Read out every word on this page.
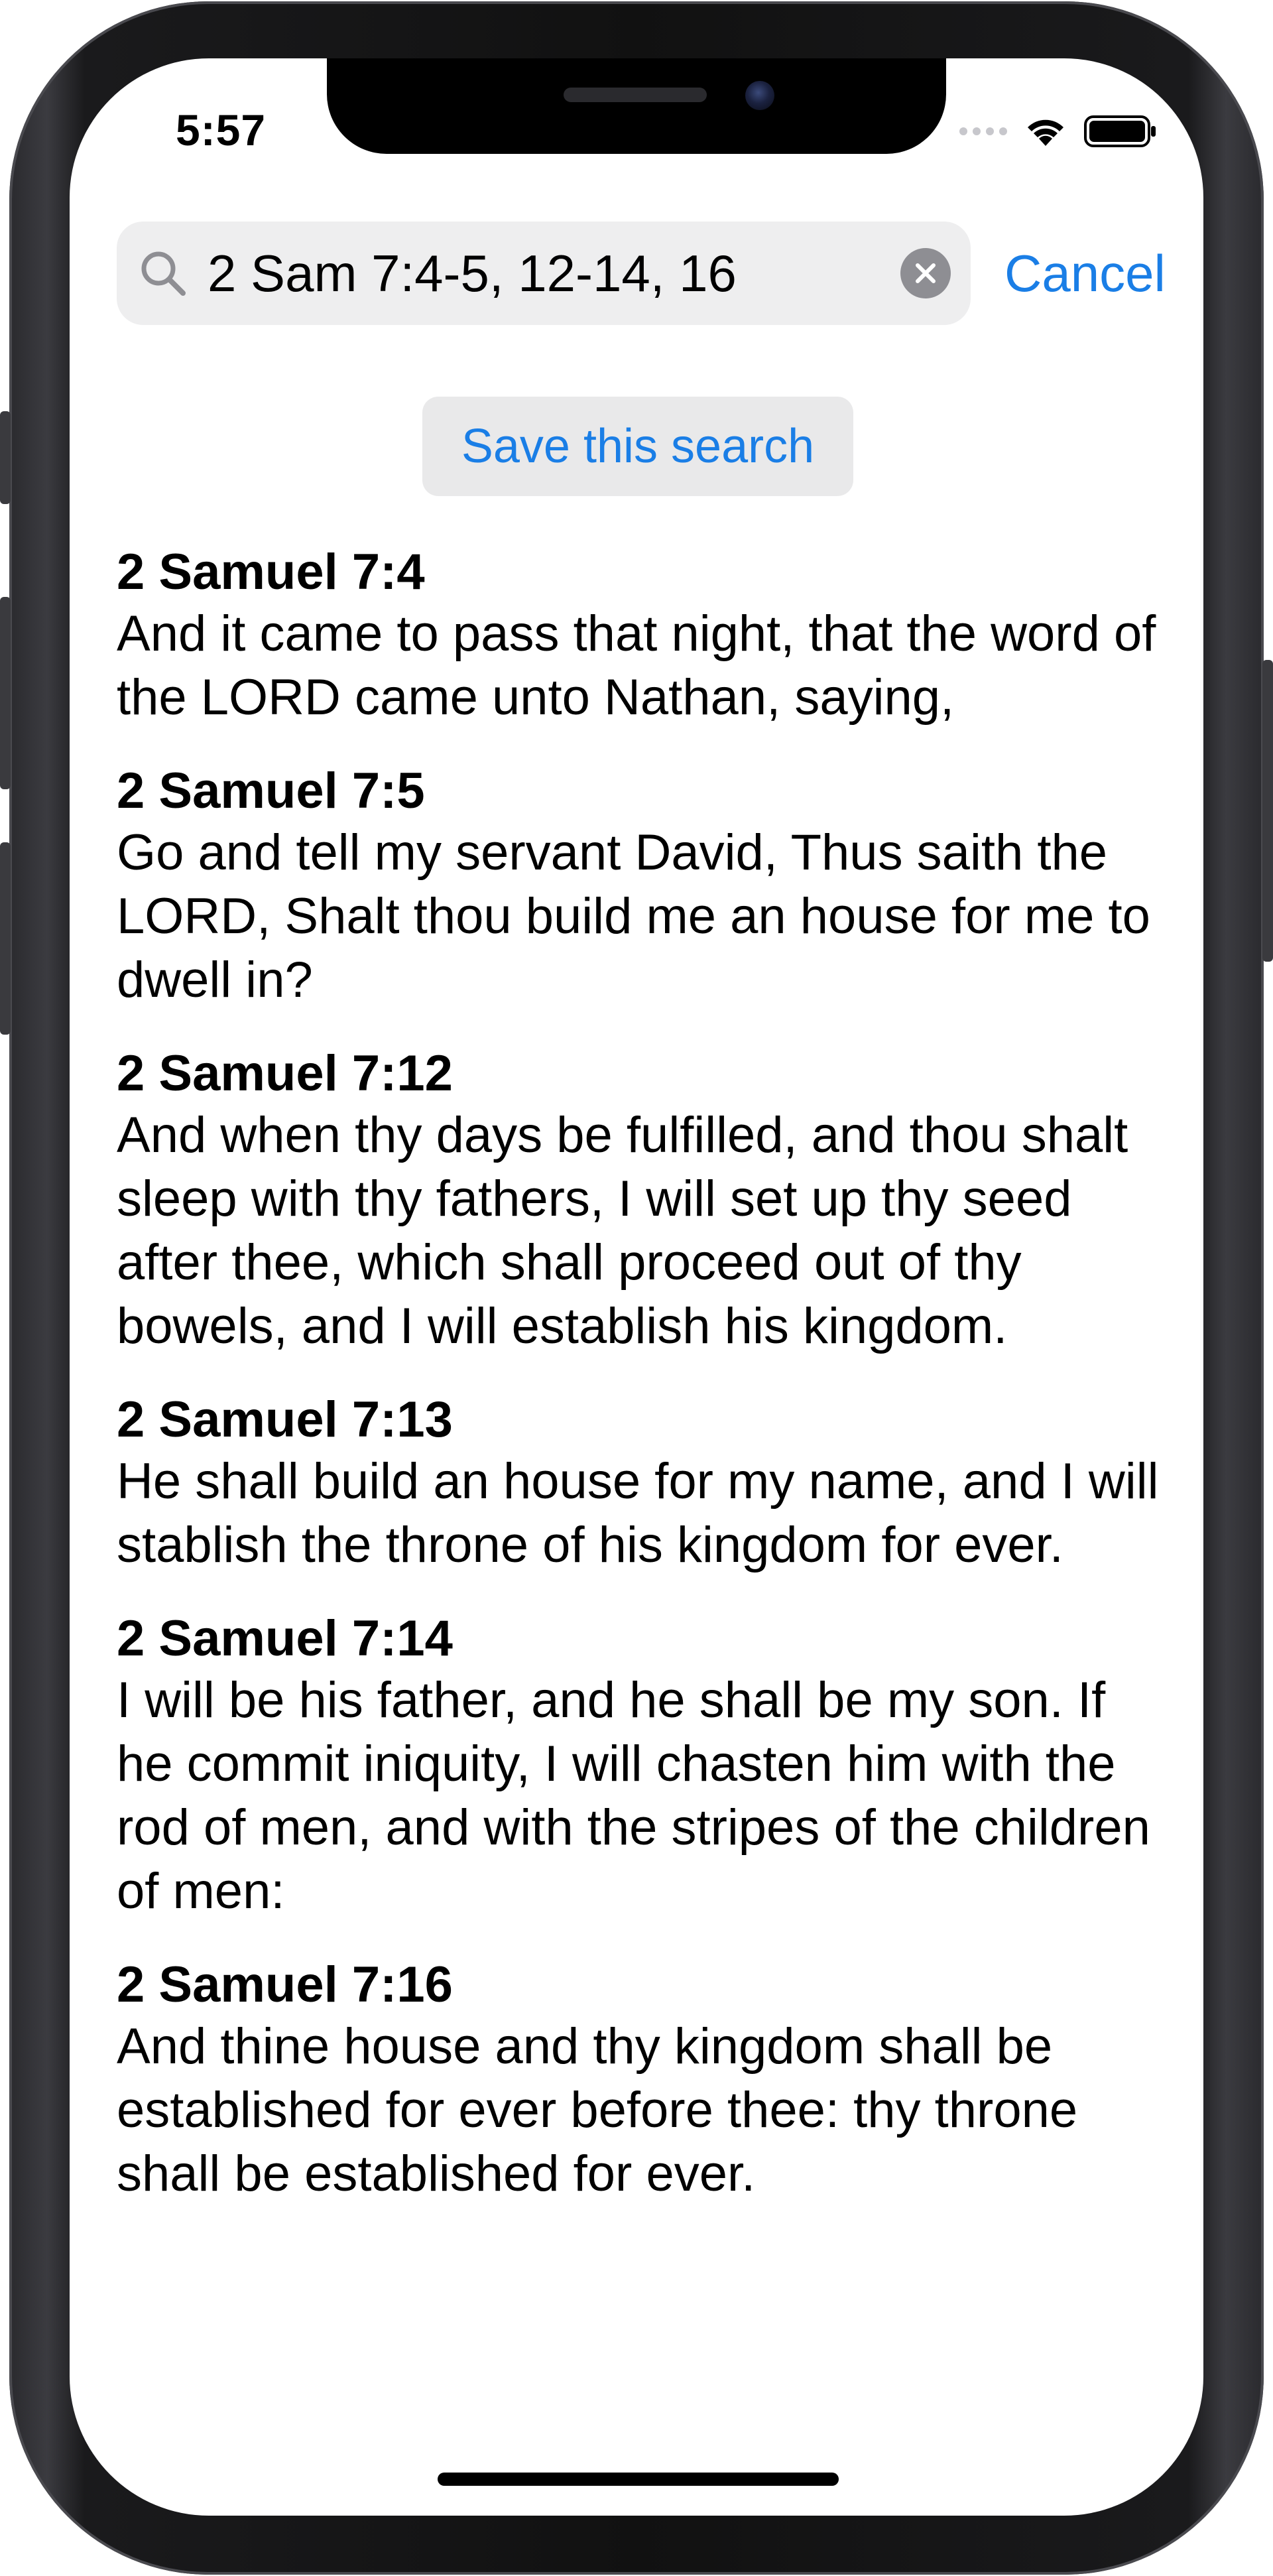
5:57
2 Sam 7:4-5, 12-14, 16	Cancel
Save this search
2 Samuel 7:4
And it came to pass that night, that the word of the LORD came unto Nathan, saying,
2 Samuel 7:5
Go and tell my servant David, Thus saith the LORD, Shalt thou build me an house for me to dwell in?
2 Samuel 7:12
And when thy days be fulfilled, and thou shalt sleep with thy fathers, I will set up thy seed after thee, which shall proceed out of thy bowels, and I will establish his kingdom.
2 Samuel 7:13
He shall build an house for my name, and I will stablish the throne of his kingdom for ever.
2 Samuel 7:14
I will be his father, and he shall be my son. If he commit iniquity, I will chasten him with the rod of men, and with the stripes of the children of men:
2 Samuel 7:16
And thine house and thy kingdom shall be established for ever before thee: thy throne shall be established for ever.
